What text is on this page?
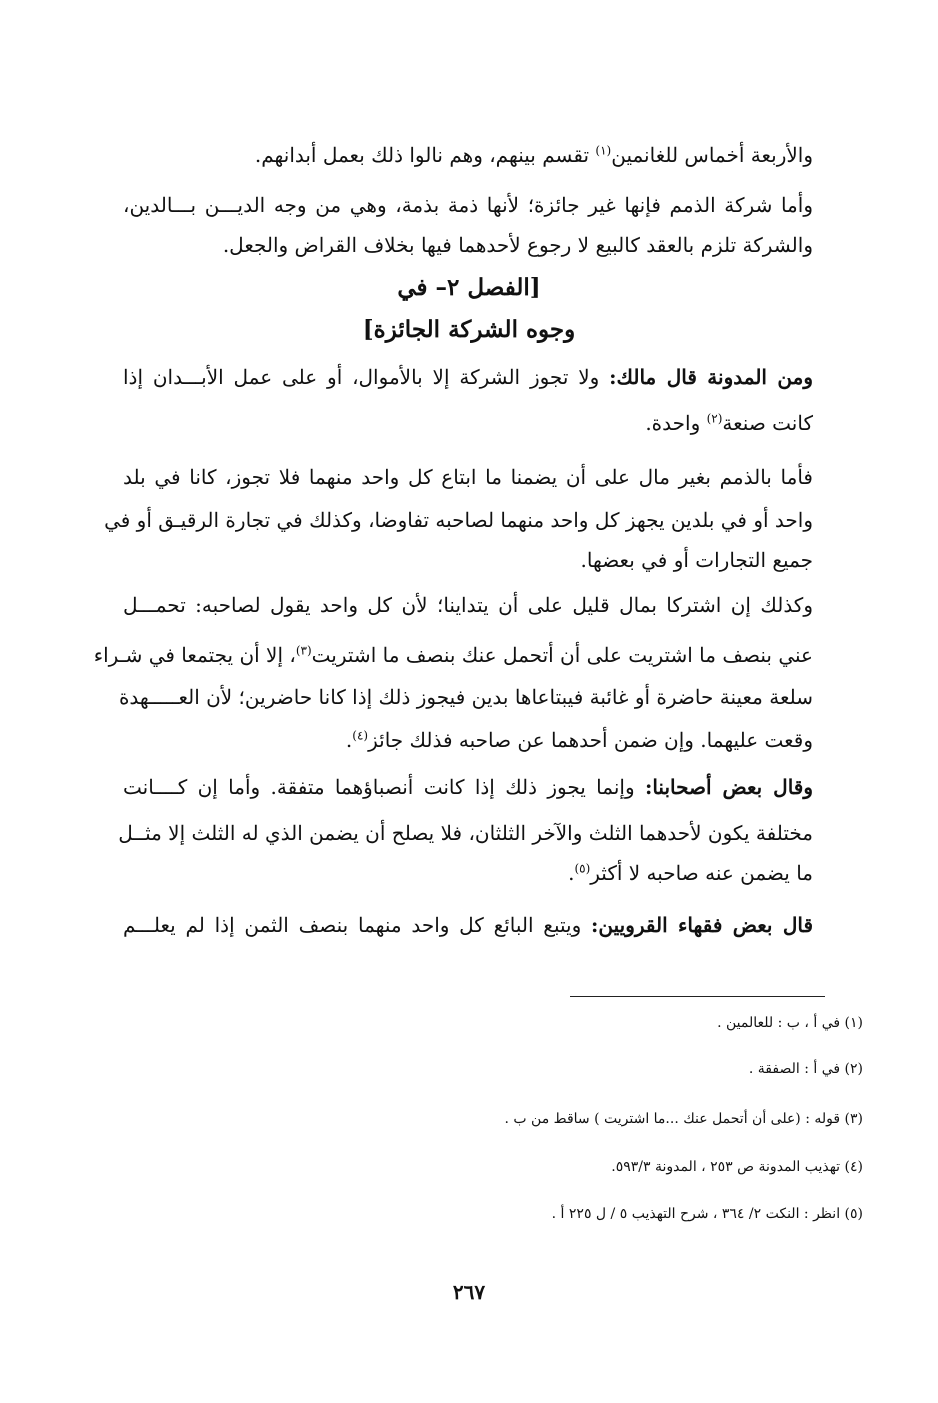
والأربعة أخماس للغانمين$^{(١)}$ تقسم بينهم، وهم نالوا ذلك بعمل أبدانهم.
وأما شركة الذمم فإنها غير جائزة؛ لأنها ذمة بذمة، وهي من وجه الديـــن بـــالدين،
والشركة تلزم بالعقد كالبيع لا رجوع لأحدهما فيها بخلاف القراض والجعل.
[الفصل ٢– في
وجوه الشركة الجائزة]
ومن المدونة قال مالك: ولا تجوز الشركة إلا بالأموال، أو على عمل الأبـــدان إذا
كانت صنعة$^{(٢)}$ واحدة.
فأما بالذمم بغير مال على أن يضمنا ما ابتاع كل واحد منهما فلا تجوز، كانا في بلد
واحد أو في بلدين يجهز كل واحد منهما لصاحبه تفاوضا، وكذلك في تجارة الرقيـق أو في
جميع التجارات أو في بعضها.
وكذلك إن اشتركا بمال قليل على أن يتداينا؛ لأن كل واحد يقول لصاحبه: تحمـــل
عني بنصف ما اشتريت على أن أتحمل عنك بنصف ما اشتريت$^{(٣)}$، إلا أن يجتمعا في شـراء
سلعة معينة حاضرة أو غائبة فيبتاعاها بدين فيجوز ذلك إذا كانا حاضرين؛ لأن العـــــهدة
وقعت عليهما. وإن ضمن أحدهما عن صاحبه فذلك جائز$^{(٤)}$.
وقال بعض أصحابنا: وإنما يجوز ذلك إذا كانت أنصباؤهما متفقة. وأما إن كــــانت
مختلفة يكون لأحدهما الثلث والآخر الثلثان، فلا يصلح أن يضمن الذي له الثلث إلا مثــل
ما يضمن عنه صاحبه لا أكثر$^{(٥)}$.
قال بعض فقهاء القرويين: ويتبع البائع كل واحد منهما بنصف الثمن إذا لم يعلـــم
(١) في أ ، ب : للعالمين .
(٢) في أ : الصفقة .
(٣) قوله : (على أن أتحمل عنك ...ما اشتريت ) ساقط من ب .
(٤) تهذيب المدونة ص ٢٥٣ ، المدونة ٥٩٣/٣.
(٥) انظر : النكت ٢/ ٣٦٤ ، شرح التهذيب ٥ / ل ٢٢٥ أ .
٢٦٧
